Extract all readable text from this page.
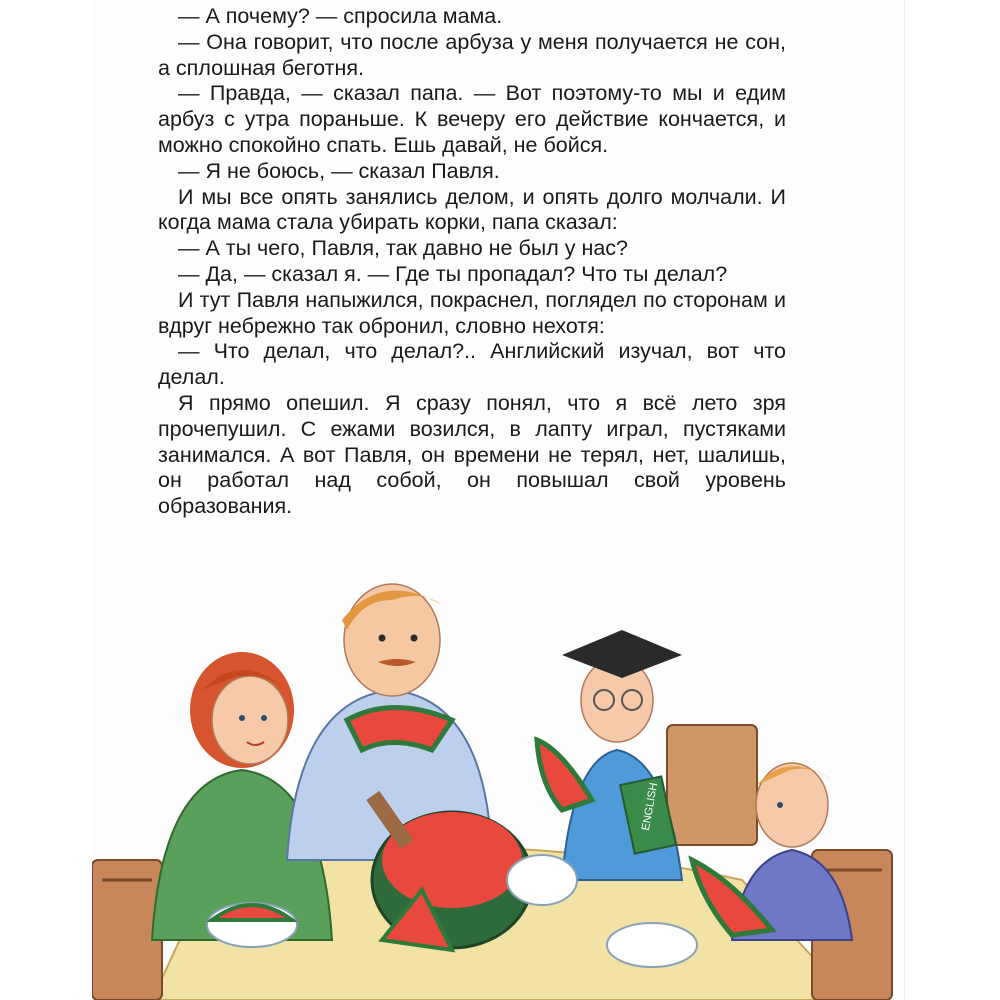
— А почему? — спросила мама.

— Она говорит, что после арбуза у меня получается не сон, а сплошная беготня.

— Правда, — сказал папа. — Вот поэтому-то мы и едим арбуз с утра пораньше. К вечеру его действие кончается, и можно спокойно спать. Ешь давай, не бойся.

— Я не боюсь, — сказал Павля.

И мы все опять занялись делом, и опять долго молчали. И когда мама стала убирать корки, папа сказал:

— А ты чего, Павля, так давно не был у нас?

— Да, — сказал я. — Где ты пропадал? Что ты делал?

И тут Павля напыжился, покраснел, поглядел по сторонам и вдруг небрежно так обронил, словно нехотя:

— Что делал, что делал?.. Английский изучал, вот что делал.

Я прямо опешил. Я сразу понял, что я всё лето зря прочепушил. С ежами возился, в лапту играл, пустяками занимался. А вот Павля, он времени не терял, нет, шалишь, он работал над собой, он повышал свой уровень образования.

ENGLISH
